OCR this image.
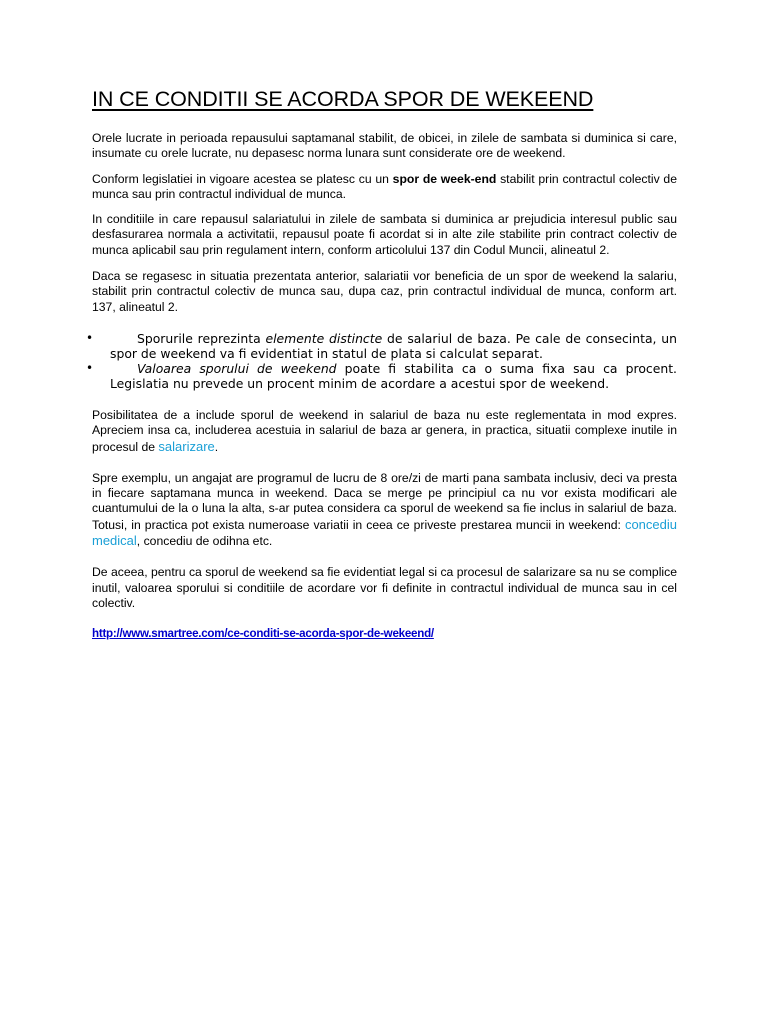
IN CE CONDITII SE ACORDA SPOR DE WEKEEND

Orele lucrate in perioada repausului saptamanal stabilit, de obicei, in zilele de sambata si duminica si care, insumate cu orele lucrate, nu depasesc norma lunara sunt considerate ore de weekend.

Conform legislatiei in vigoare acestea se platesc cu un spor de week-end stabilit prin contractul colectiv de munca sau prin contractul individual de munca.

In conditiile in care repausul salariatului in zilele de sambata si duminica ar prejudicia interesul public sau desfasurarea normala a activitatii, repausul poate fi acordat si in alte zile stabilite prin contract colectiv de munca aplicabil sau prin regulament intern, conform articolului 137 din Codul Muncii, alineatul 2.

Daca se regasesc in situatia prezentata anterior, salariatii vor beneficia de un spor de weekend la salariu, stabilit prin contractul colectiv de munca sau, dupa caz, prin contractul individual de munca, conform art. 137, alineatul 2.

•	Sporurile reprezinta elemente distincte de salariul de baza. Pe cale de consecinta, un spor de weekend va fi evidentiat in statul de plata si calculat separat.
•	Valoarea sporului de weekend poate fi stabilita ca o suma fixa sau ca procent. Legislatia nu prevede un procent minim de acordare a acestui spor de weekend.

Posibilitatea de a include sporul de weekend in salariul de baza nu este reglementata in mod expres. Apreciem insa ca, includerea acestuia in salariul de baza ar genera, in practica, situatii complexe inutile in procesul de salarizare.

Spre exemplu, un angajat are programul de lucru de 8 ore/zi de marti pana sambata inclusiv, deci va presta in fiecare saptamana munca in weekend. Daca se merge pe principiul ca nu vor exista modificari ale cuantumului de la o luna la alta, s-ar putea considera ca sporul de weekend sa fie inclus in salariul de baza. Totusi, in practica pot exista numeroase variatii in ceea ce priveste prestarea muncii in weekend: concediu medical, concediu de odihna etc.

De aceea, pentru ca sporul de weekend sa fie evidentiat legal si ca procesul de salarizare sa nu se complice inutil, valoarea sporului si conditiile de acordare vor fi definite in contractul individual de munca sau in cel colectiv.

http://www.smartree.com/ce-conditi-se-acorda-spor-de-wekeend/
